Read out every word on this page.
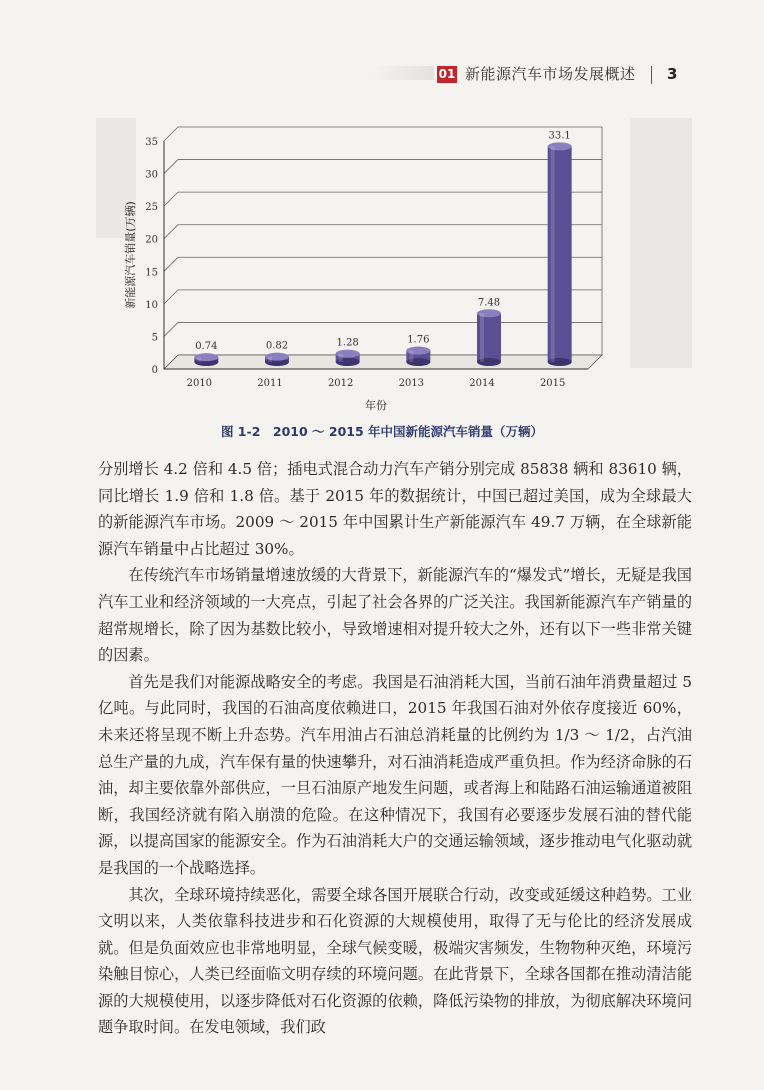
01 新能源汽车市场发展概述 3
0
5
10
15
20
25
30
35
0.74
2010
0.82
2011
1.28
2012
1.76
2013
7.48
2014
33.1
2015
年份
新能源汽车销量(万辆)
图 1-2　2010 ～ 2015 年中国新能源汽车销量（万辆）

分别增长 4.2 倍和 4.5 倍；插电式混合动力汽车产销分别完成 85838 辆和 83610 辆，同比增长 1.9 倍和 1.8 倍。基于 2015 年的数据统计，中国已超过美国，成为全球最大的新能源汽车市场。2009 ～ 2015 年中国累计生产新能源汽车 49.7 万辆，在全球新能源汽车销量中占比超过 30%。

在传统汽车市场销量增速放缓的大背景下，新能源汽车的“爆发式”增长，无疑是我国汽车工业和经济领域的一大亮点，引起了社会各界的广泛关注。我国新能源汽车产销量的超常规增长，除了因为基数比较小，导致增速相对提升较大之外，还有以下一些非常关键的因素。

首先是我们对能源战略安全的考虑。我国是石油消耗大国，当前石油年消费量超过 5 亿吨。与此同时，我国的石油高度依赖进口，2015 年我国石油对外依存度接近 60%，未来还将呈现不断上升态势。汽车用油占石油总消耗量的比例约为 1/3 ～ 1/2，占汽油总生产量的九成，汽车保有量的快速攀升，对石油消耗造成严重负担。作为经济命脉的石油，却主要依靠外部供应，一旦石油原产地发生问题，或者海上和陆路石油运输通道被阻断，我国经济就有陷入崩溃的危险。在这种情况下，我国有必要逐步发展石油的替代能源，以提高国家的能源安全。作为石油消耗大户的交通运输领域，逐步推动电气化驱动就是我国的一个战略选择。

其次，全球环境持续恶化，需要全球各国开展联合行动，改变或延缓这种趋势。工业文明以来，人类依靠科技进步和石化资源的大规模使用，取得了无与伦比的经济发展成就。但是负面效应也非常地明显，全球气候变暖，极端灾害频发，生物物种灭绝，环境污染触目惊心，人类已经面临文明存续的环境问题。在此背景下，全球各国都在推动清洁能源的大规模使用，以逐步降低对石化资源的依赖，降低污染物的排放，为彻底解决环境问题争取时间。在发电领域，我们政
